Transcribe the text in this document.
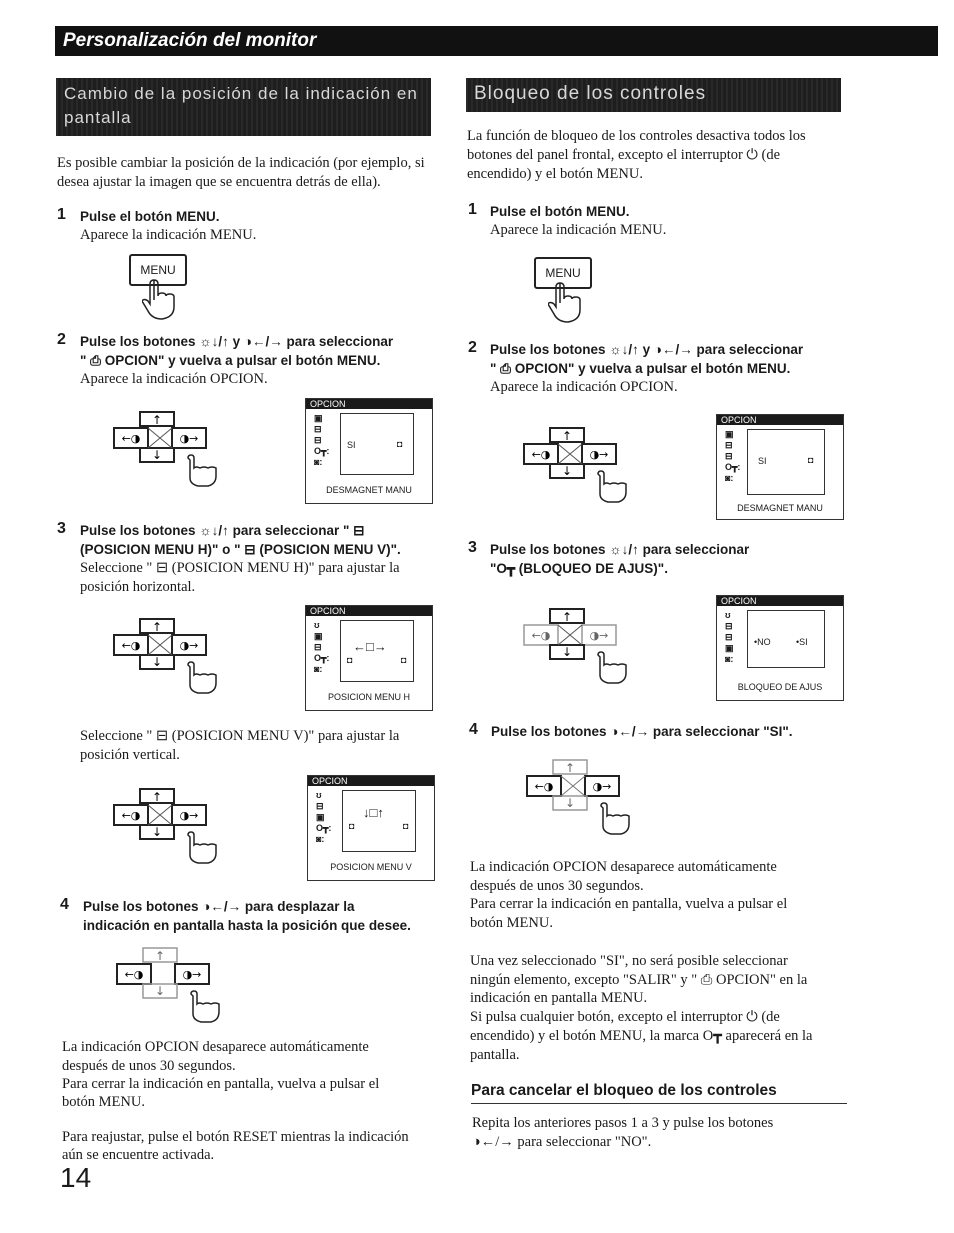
Personalización del monitor
Cambio de la posición de la indicación en pantalla
Es posible cambiar la posición de la indicación (por ejemplo, si desea ajustar la imagen que se encuentra detrás de ella).
1 Pulse el botón MENU.
Aparece la indicación MENU.
MENU
2 Pulse los botones ☼↓/↑ y ◑←/→ para seleccionar
" ⎙ OPCION" y vuelva a pulsar el botón MENU.
Aparece la indicación OPCION.
↑
←◑	◑→
↓
OPCION
▣
⊟
⊟
O┳:
◙:
SI	◘
DESMAGNET MANU
3 Pulse los botones ☼↓/↑ para seleccionar " ⊟
(POSICION MENU H)" o " ⊟ (POSICION MENU V)".
Seleccione " ⊟ (POSICION MENU H)" para ajustar la
posición horizontal.
↑
←◑	◑→
↓
OPCION
ʊ
▣
⊟
O┳:
◙:
←□→
◘	◘
POSICION MENU H
Seleccione " ⊟ (POSICION MENU V)" para ajustar la
posición vertical.
↑
←◑	◑→
↓
OPCION
ʊ
⊟
▣
O┳:
◙:
↓□↑
◘	◘
POSICION MENU V
4 Pulse los botones ◑←/→ para desplazar la
indicación en pantalla hasta la posición que desee.
↑
←◑	◑→
↓
La indicación OPCION desaparece automáticamente
después de unos 30 segundos.
Para cerrar la indicación en pantalla, vuelva a pulsar el
botón MENU.
Para reajustar, pulse el botón RESET mientras la indicación
aún se encuentre activada.
14
Bloqueo de los controles
La función de bloqueo de los controles desactiva todos los botones del panel frontal, excepto el interruptor ⏻ (de encendido) y el botón MENU.
1 Pulse el botón MENU.
Aparece la indicación MENU.
MENU
2 Pulse los botones ☼↓/↑ y ◑←/→ para seleccionar
" ⎙ OPCION" y vuelva a pulsar el botón MENU.
Aparece la indicación OPCION.
↑
←◑	◑→
↓
OPCION
▣
⊟
⊟
O┳:
◙:
SI	◘
DESMAGNET MANU
3 Pulse los botones ☼↓/↑ para seleccionar
"O┳ (BLOQUEO DE AJUS)".
↑
←◑	◑→
↓
OPCION
ʊ
⊟
⊟
▣
◙:
•NO	•SI
BLOQUEO DE AJUS
4 Pulse los botones ◑←/→ para seleccionar "SI".
↑
←◑	◑→
↓
La indicación OPCION desaparece automáticamente
después de unos 30 segundos.
Para cerrar la indicación en pantalla, vuelva a pulsar el
botón MENU.
Una vez seleccionado "SI", no será posible seleccionar
ningún elemento, excepto "SALIR" y " ⎙ OPCION" en la
indicación en pantalla MENU.
Si pulsa cualquier botón, excepto el interruptor ⏻ (de
encendido) y el botón MENU, la marca O┳ aparecerá en la
pantalla.
Para cancelar el bloqueo de los controles
Repita los anteriores pasos 1 a 3 y pulse los botones
◑←/→ para seleccionar "NO".
